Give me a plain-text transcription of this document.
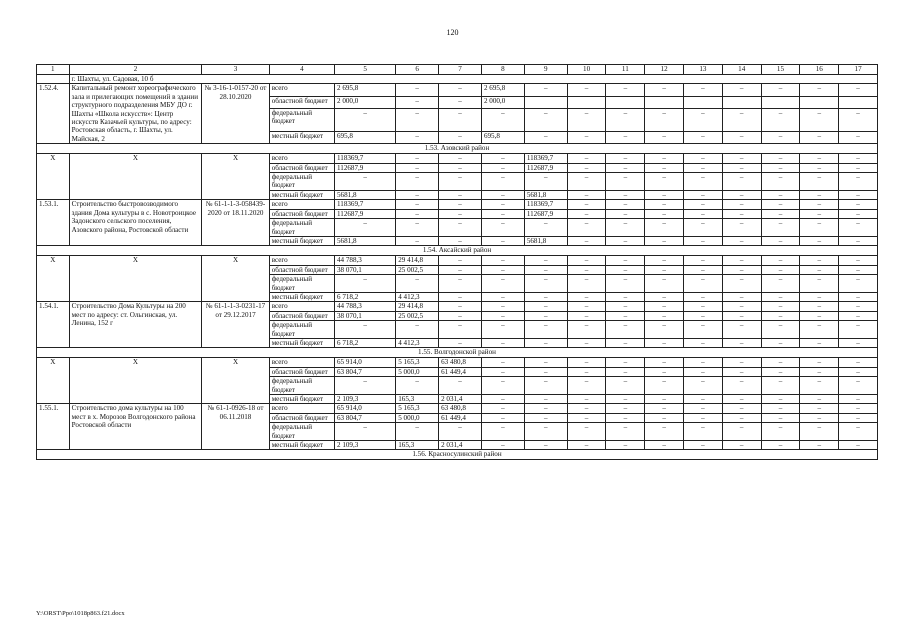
120
1	2	3	4	5	6	7	8	9	10	11	12	13	14	15	16	17
	г. Шахты, ул. Садовая, 10 б															
1.52.4.	Капитальный ремонт хореографического зала и прилегающих помещений в здании структурного подразделения МБУ ДО г. Шахты «Школа искусств»: Центр искусств Казачьей культуры, по адресу: Ростовская область, г. Шахты, ул. Майская, 2	№ 3-16-1-0157-20 от 28.10.2020	всего	2 695,8	–	–	2 695,8	–	–	–	–	–	–	–	–	–
			областной бюджет	2 000,0	–	–	2 000,0									
			федеральный бюджет	–	–	–	–	–	–	–	–	–	–	–	–	–
			местный бюджет	695,8	–	–	695,8	–	–	–	–	–	–	–	–	–
1.53. Азовский район																
Х	Х	Х	всего	118369,7	–	–	–	118369,7	–	–	–	–	–	–	–	–
			областной бюджет	112687,9	–	–	–	112687,9	–	–	–	–	–	–	–	–
			федеральный бюджет	–	–	–	–	–	–	–	–	–	–	–	–	–
			местный бюджет	5681,8	–	–	–	5681,8	–	–	–	–	–	–	–	–
1.53.1.	Строительство быстровозводимого здания Дома культуры в с. Новотроицкое Задонского сельского поселения, Азовского района, Ростовской области	№ 61-1-1-3-058439-2020 от 18.11.2020	всего	118369,7	–	–	–	118369,7	–	–	–	–	–	–	–	–
			областной бюджет	112687,9	–	–	–	112687,9	–	–	–	–	–	–	–	–
			федеральный бюджет	–	–	–	–	–	–	–	–	–	–	–	–	–
			местный бюджет	5681,8	–	–	–	5681,8	–	–	–	–	–	–	–	–
1.54. Аксайский район																
Х	Х	Х	всего	44 788,3	29 414,8	–	–	–	–	–	–	–	–	–	–	–
			областной бюджет	38 070,1	25 002,5	–	–	–	–	–	–	–	–	–	–	–
			федеральный бюджет	–	–	–	–	–	–	–	–	–	–	–	–	–
			местный бюджет	6 718,2	4 412,3	–	–	–	–	–	–	–	–	–	–	–
1.54.1.	Строительство Дома Культуры на 200 мест по адресу: ст. Ольгинская, ул. Ленина, 152 г	№ 61-1-1-3-0231-17 от 29.12.2017	всего	44 788,3	29 414,8	–	–	–	–	–	–	–	–	–	–	–
			областной бюджет	38 070,1	25 002,5	–	–	–	–	–	–	–	–	–	–	–
			федеральный бюджет	–	–	–	–	–	–	–	–	–	–	–	–	–
			местный бюджет	6 718,2	4 412,3	–	–	–	–	–	–	–	–	–	–	–
1.55. Волгодонской район																
Х	Х	Х	всего	65 914,0	5 165,3	63 480,8	–	–	–	–	–	–	–	–	–	–
			областной бюджет	63 804,7	5 000,0	61 449,4	–	–	–	–	–	–	–	–	–	–
			федеральный бюджет	–	–	–	–	–	–	–	–	–	–	–	–	–
			местный бюджет	2 109,3	165,3	2 031,4	–	–	–	–	–	–	–	–	–	–
1.55.1.	Строительство дома культуры на 100 мест в х. Морозов Волгодонского района Ростовской области	№ 61-1-0926-18 от 06.11.2018	всего	65 914,0	5 165,3	63 480,8	–	–	–	–	–	–	–	–	–	–
			областной бюджет	63 804,7	5 000,0	61 449,4	–	–	–	–	–	–	–	–	–	–
			федеральный бюджет	–	–	–	–	–	–	–	–	–	–	–	–	–
			местный бюджет	2 109,3	165,3	2 031,4	–	–	–	–	–	–	–	–	–	–
1.56. Красносулинский район																
Y:\ORST\Ppo\1018p863.f21.docx
